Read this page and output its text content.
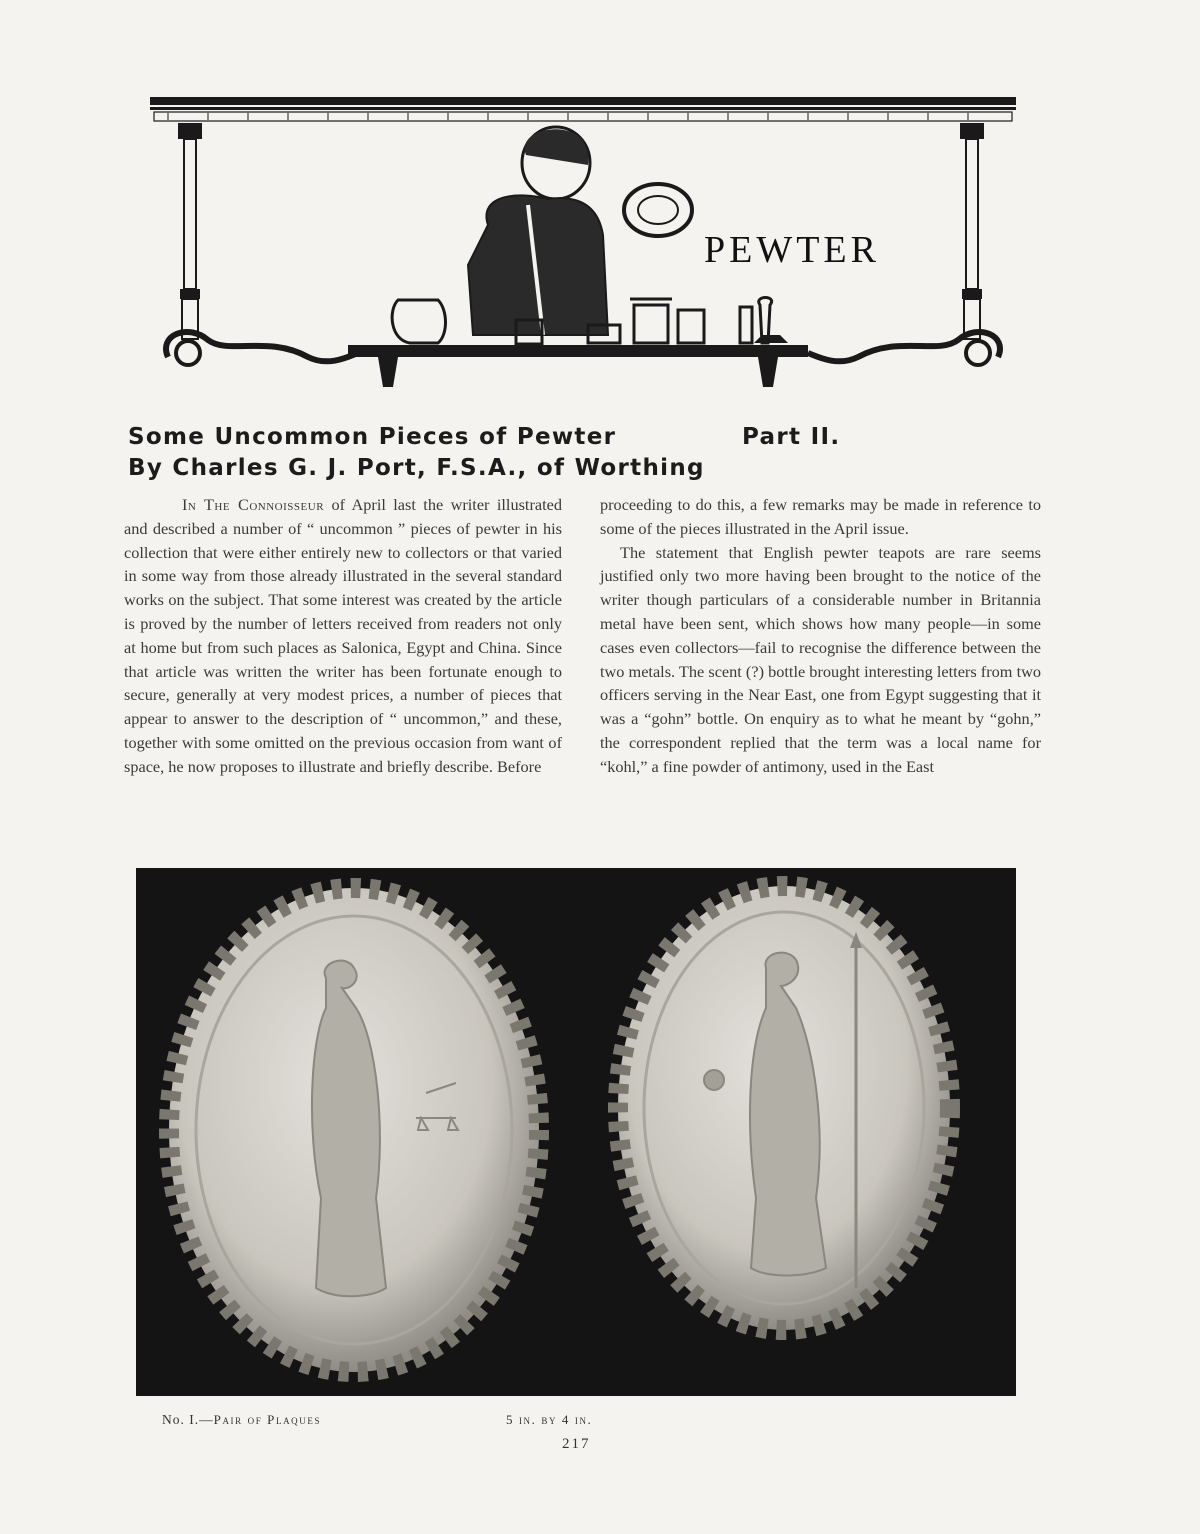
PEWTER
Some Uncommon Pieces of Pewter	Part II.
By Charles G. J. Port, F.S.A., of Worthing

In The Connoisseur of April last the writer illustrated and described a number of “ uncommon ” pieces of pewter in his collection that were either entirely new to collectors or that varied in some way from those already illustrated in the several standard works on the subject. That some interest was created by the article is proved by the number of letters received from readers not only at home but from such places as Salonica, Egypt and China. Since that article was written the writer has been fortunate enough to secure, generally at very modest prices, a number of pieces that appear to answer to the description of “ uncommon,” and these, together with some omitted on the previous occasion from want of space, he now proposes to illustrate and briefly describe. Before

proceeding to do this, a few remarks may be made in reference to some of the pieces illustrated in the April issue.

The statement that English pewter teapots are rare seems justified only two more having been brought to the notice of the writer though particulars of a considerable number in Britannia metal have been sent, which shows how many people—in some cases even collectors—fail to recognise the difference between the two metals. The scent (?) bottle brought interesting letters from two officers serving in the Near East, one from Egypt suggesting that it was a “gohn” bottle. On enquiry as to what he meant by “gohn,” the correspondent replied that the term was a local name for “kohl,” a fine powder of antimony, used in the East

No. I.—Pair of Plaques	5 in. by 4 in.
217
